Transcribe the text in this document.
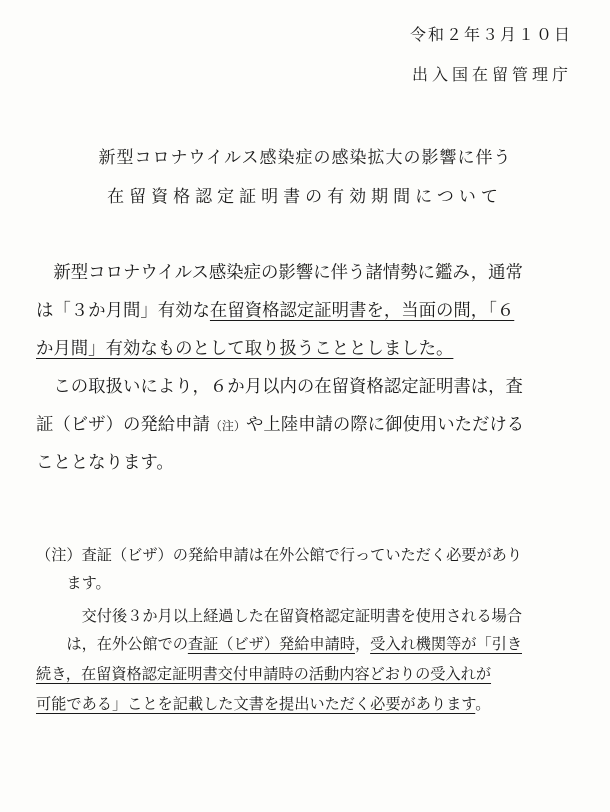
令和２年３月１０日
出入国在留管理庁
新型コロナウイルス感染症の感染拡大の影響に伴う
在留資格認定証明書の有効期間について
　新型コロナウイルス感染症の影響に伴う諸情勢に鑑み，通常
は「３か月間」有効な在留資格認定証明書を，当面の間，「６
か月間」有効なものとして取り扱うこととしました。
　この取扱いにより，６か月以内の在留資格認定証明書は，査
証（ビザ）の発給申請（注）や上陸申請の際に御使用いただける
こととなります。
（注）査証（ビザ）の発給申請は在外公館で行っていただく必要があり
　　ます。
　　　交付後３か月以上経過した在留資格認定証明書を使用される場合
　　は，在外公館での査証（ビザ）発給申請時，受入れ機関等が「引き
続き，在留資格認定証明書交付申請時の活動内容どおりの受入れが
可能である」ことを記載した文書を提出いただく必要があります。
